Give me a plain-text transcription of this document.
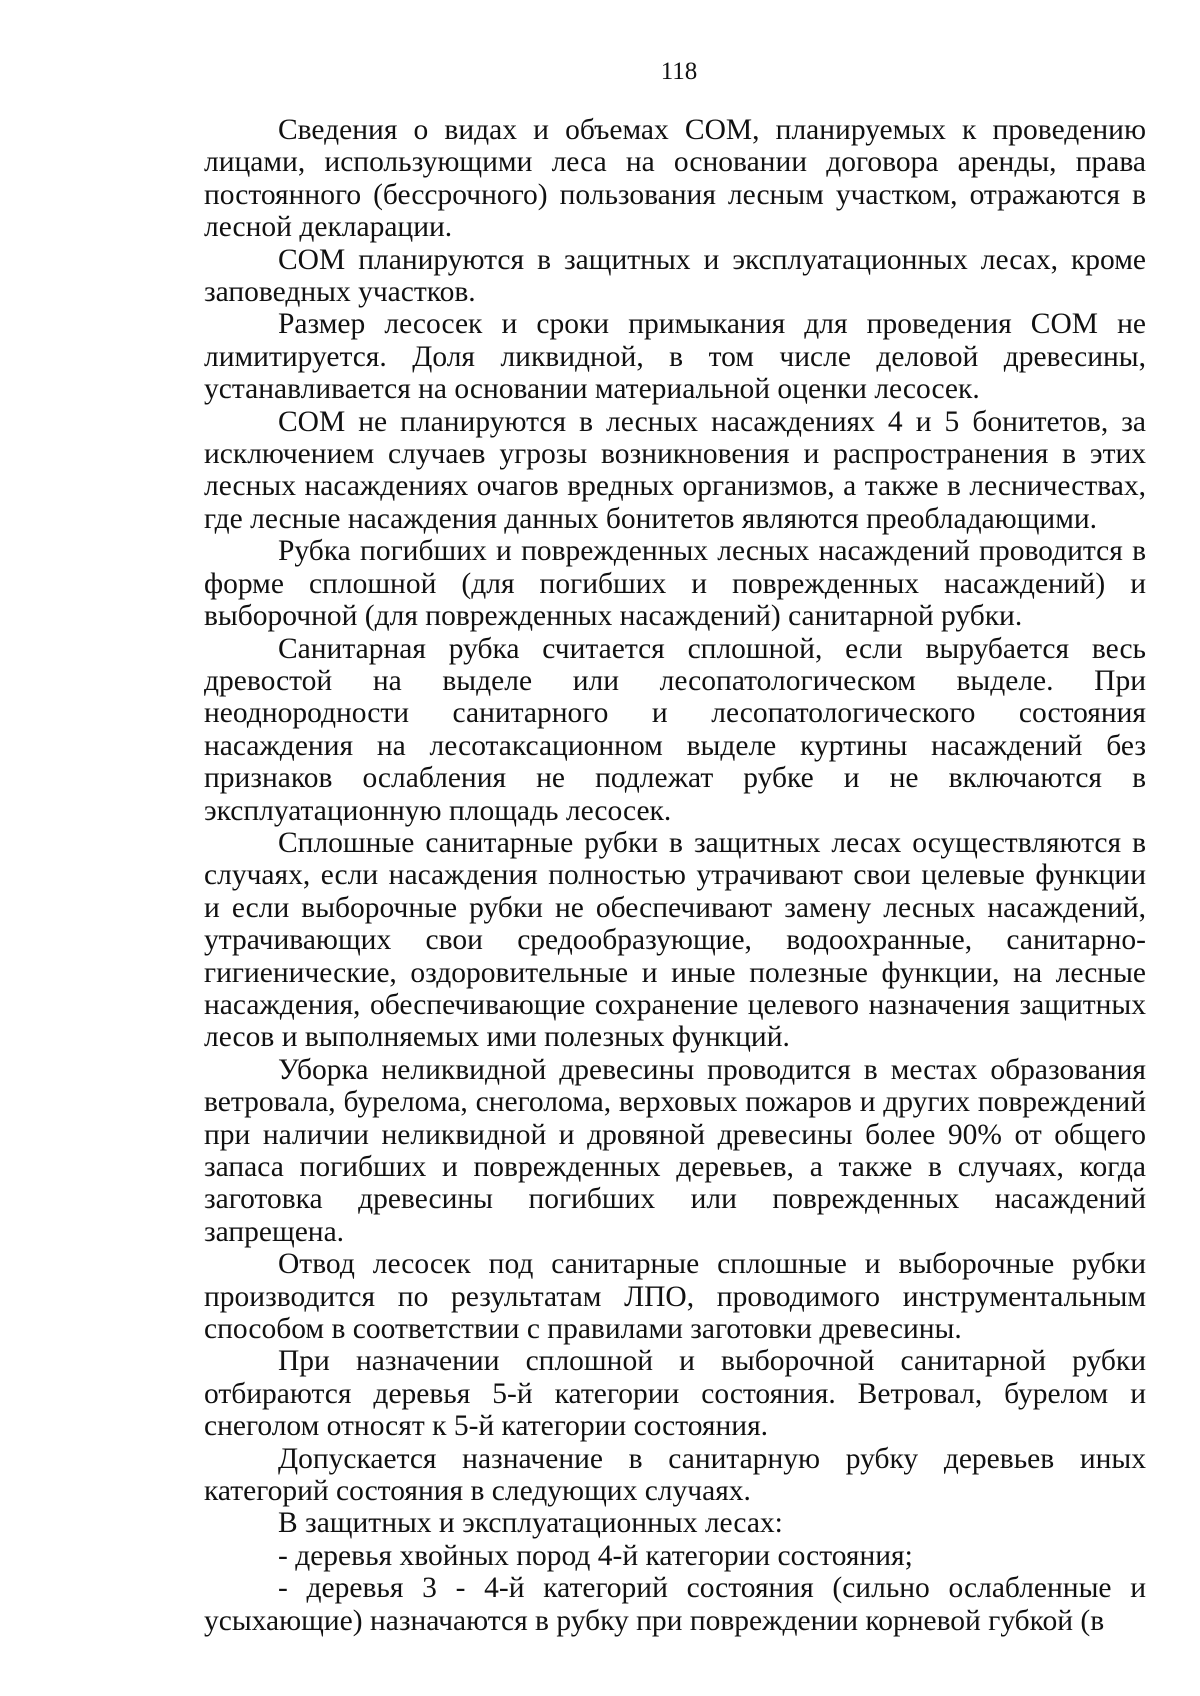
118

Сведения о видах и объемах СОМ, планируемых к проведению лицами, использующими леса на основании договора аренды, права постоянного (бессрочного) пользования лесным участком, отражаются в лесной декларации.

СОМ планируются в защитных и эксплуатационных лесах, кроме заповедных участков.

Размер лесосек и сроки примыкания для проведения СОМ не лимитируется. Доля ликвидной, в том числе деловой древесины, устанавливается на основании материальной оценки лесосек.

СОМ не планируются в лесных насаждениях 4 и 5 бонитетов, за исключением случаев угрозы возникновения и распространения в этих лесных насаждениях очагов вредных организмов, а также в лесничествах, где лесные насаждения данных бонитетов являются преобладающими.

Рубка погибших и поврежденных лесных насаждений проводится в форме сплошной (для погибших и поврежденных насаждений) и выборочной (для поврежденных насаждений) санитарной рубки.

Санитарная рубка считается сплошной, если вырубается весь древостой на выделе или лесопатологическом выделе. При неоднородности санитарного и лесопатологического состояния насаждения на лесотаксационном выделе куртины насаждений без признаков ослабления не подлежат рубке и не включаются в эксплуатационную площадь лесосек.

Сплошные санитарные рубки в защитных лесах осуществляются в случаях, если насаждения полностью утрачивают свои целевые функции и если выборочные рубки не обеспечивают замену лесных насаждений, утрачивающих свои средообразующие, водоохранные, санитарно-гигиенические, оздоровительные и иные полезные функции, на лесные насаждения, обеспечивающие сохранение целевого назначения защитных лесов и выполняемых ими полезных функций.

Уборка неликвидной древесины проводится в местах образования ветровала, бурелома, снеголома, верховых пожаров и других повреждений при наличии неликвидной и дровяной древесины более 90% от общего запаса погибших и поврежденных деревьев, а также в случаях, когда заготовка древесины погибших или поврежденных насаждений запрещена.

Отвод лесосек под санитарные сплошные и выборочные рубки производится по результатам ЛПО, проводимого инструментальным способом в соответствии с правилами заготовки древесины.

При назначении сплошной и выборочной санитарной рубки отбираются деревья 5-й категории состояния. Ветровал, бурелом и снеголом относят к 5-й категории состояния.

Допускается назначение в санитарную рубку деревьев иных категорий состояния в следующих случаях.

В защитных и эксплуатационных лесах:

- деревья хвойных пород 4-й категории состояния;

- деревья 3 - 4-й категорий состояния (сильно ослабленные и усыхающие) назначаются в рубку при повреждении корневой губкой (в
